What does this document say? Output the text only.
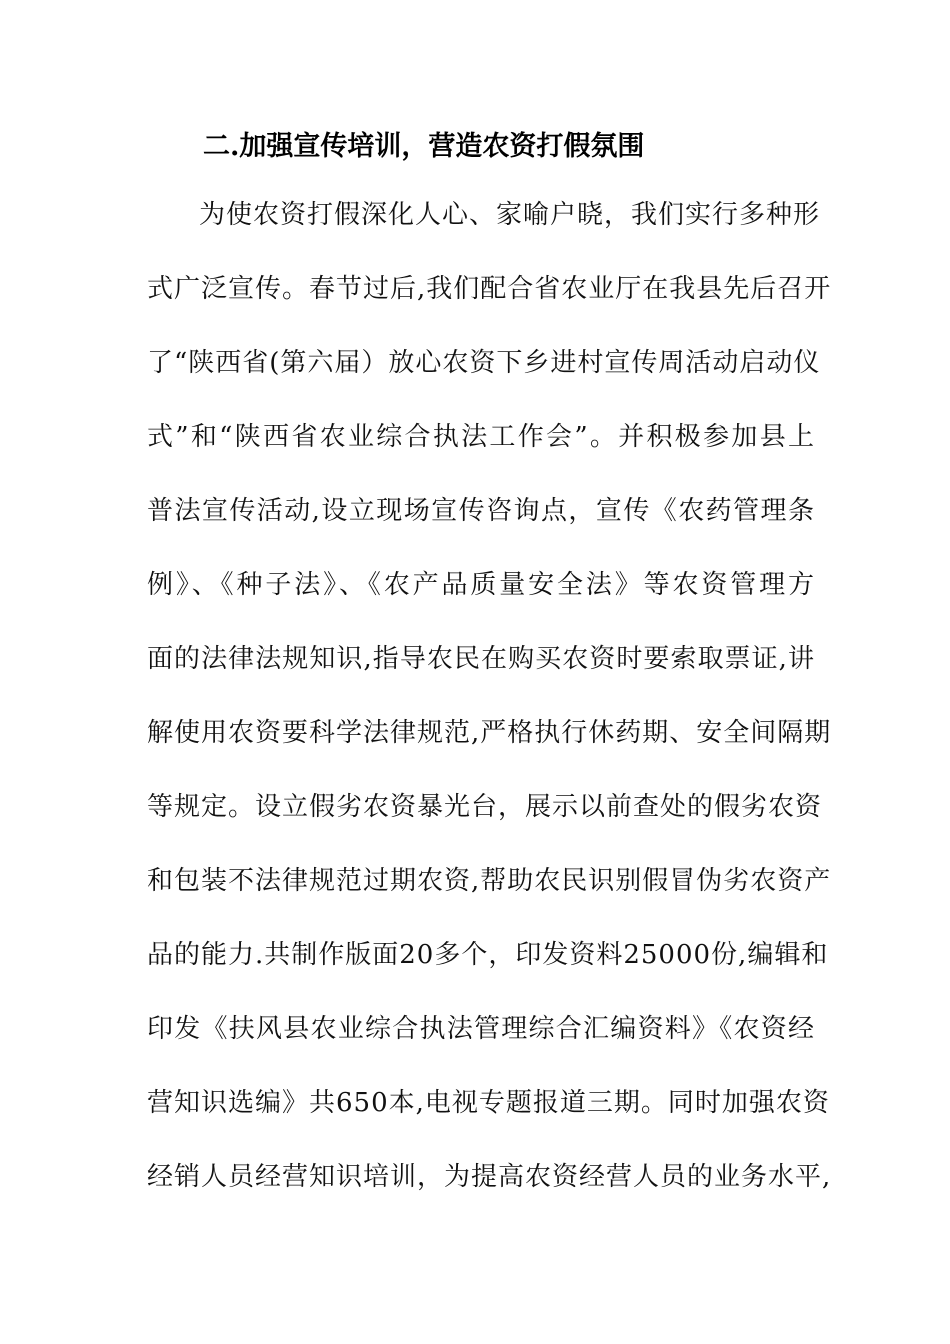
二.加强宣传培训，营造农资打假氛围
为使农资打假深化人心、家喻户晓，我们实行多种形
式广泛宣传。春节过后,我们配合省农业厅在我县先后召开
了“陕西省(第六届）放心农资下乡进村宣传周活动启动仪
式”和“陕西省农业综合执法工作会”。并积极参加县上
普法宣传活动,设立现场宣传咨询点，宣传《农药管理条
例》、《种子法》、《农产品质量安全法》等农资管理方
面的法律法规知识,指导农民在购买农资时要索取票证,讲
解使用农资要科学法律规范,严格执行休药期、安全间隔期
等规定。设立假劣农资暴光台，展示以前查处的假劣农资
和包装不法律规范过期农资,帮助农民识别假冒伪劣农资产
品的能力.共制作版面20多个，印发资料25000份,编辑和
印发《扶风县农业综合执法管理综合汇编资料》《农资经
营知识选编》共650本,电视专题报道三期。同时加强农资
经销人员经营知识培训，为提高农资经营人员的业务水平,
